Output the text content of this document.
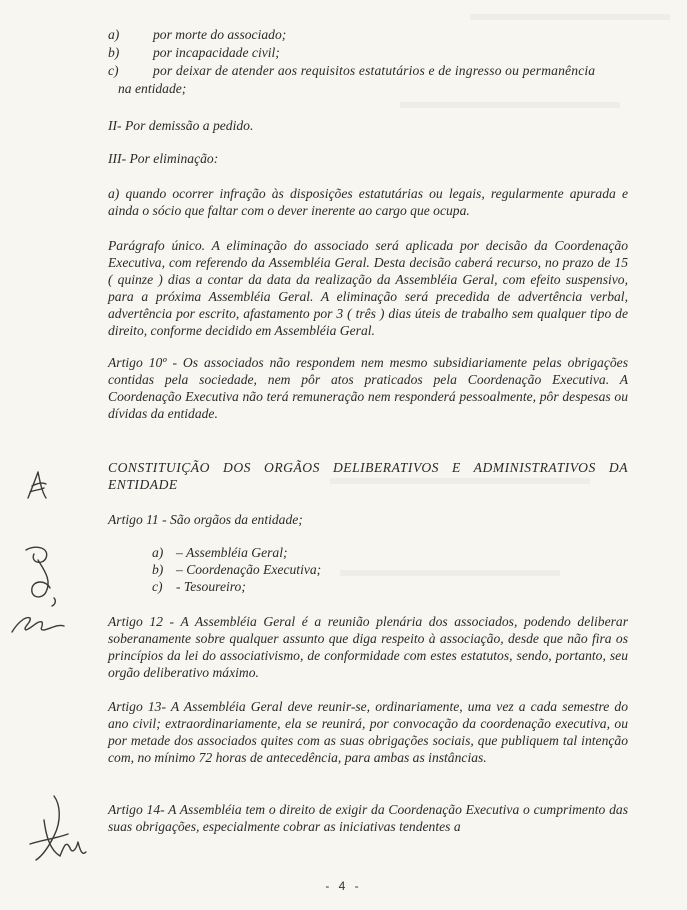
a) por morte do associado;
b) por incapacidade civil;
c)	por deixar de atender aos requisitos estatutários e de ingresso ou permanência
na entidade;
II- Por demissão a pedido.
III- Por eliminação:

a) quando ocorrer infração às disposições estatutárias ou legais, regularmente apurada e ainda o sócio que faltar com o dever inerente ao cargo que ocupa.

Parágrafo único. A eliminação do associado será aplicada por decisão da Coordenação Executiva, com referendo da Assembléia Geral. Desta decisão caberá recurso, no prazo de 15 ( quinze ) dias a contar da data da realização da Assembléia Geral, com efeito suspensivo, para a próxima Assembléia Geral. A eliminação será precedida de advertência verbal, advertência por escrito, afastamento por 3 ( três ) dias úteis de trabalho sem qualquer tipo de direito, conforme decidido em Assembléia Geral.

Artigo 10º - Os associados não respondem nem mesmo subsidiariamente pelas obrigações contidas pela sociedade, nem pôr atos praticados pela Coordenação Executiva. A Coordenação Executiva não terá remuneração nem responderá pessoalmente, pôr despesas ou dívidas da entidade.

CONSTITUIÇÃO DOS ORGÃOS DELIBERATIVOS E ADMINISTRATIVOS DA ENTIDADE

Artigo 11 - São orgãos da entidade;
a) – Assembléia Geral;
b) – Coordenação Executiva;
c) - Tesoureiro;

Artigo 12 - A Assembléia Geral é a reunião plenária dos associados, podendo deliberar soberanamente sobre qualquer assunto que diga respeito à associação, desde que não fira os princípios da lei do associativismo, de conformidade com estes estatutos, sendo, portanto, seu orgão deliberativo máximo.

Artigo 13- A Assembléia Geral deve reunir-se, ordinariamente, uma vez a cada semestre do ano civil; extraordinariamente, ela se reunirá, por convocação da coordenação executiva, ou por metade dos associados quites com as suas obrigações sociais, que publiquem tal intenção com, no mínimo 72 horas de antecedência, para ambas as instâncias.

Artigo 14- A Assembléia tem o direito de exigir da Coordenação Executiva o cumprimento das suas obrigações, especialmente cobrar as iniciativas tendentes a

- 4 -
